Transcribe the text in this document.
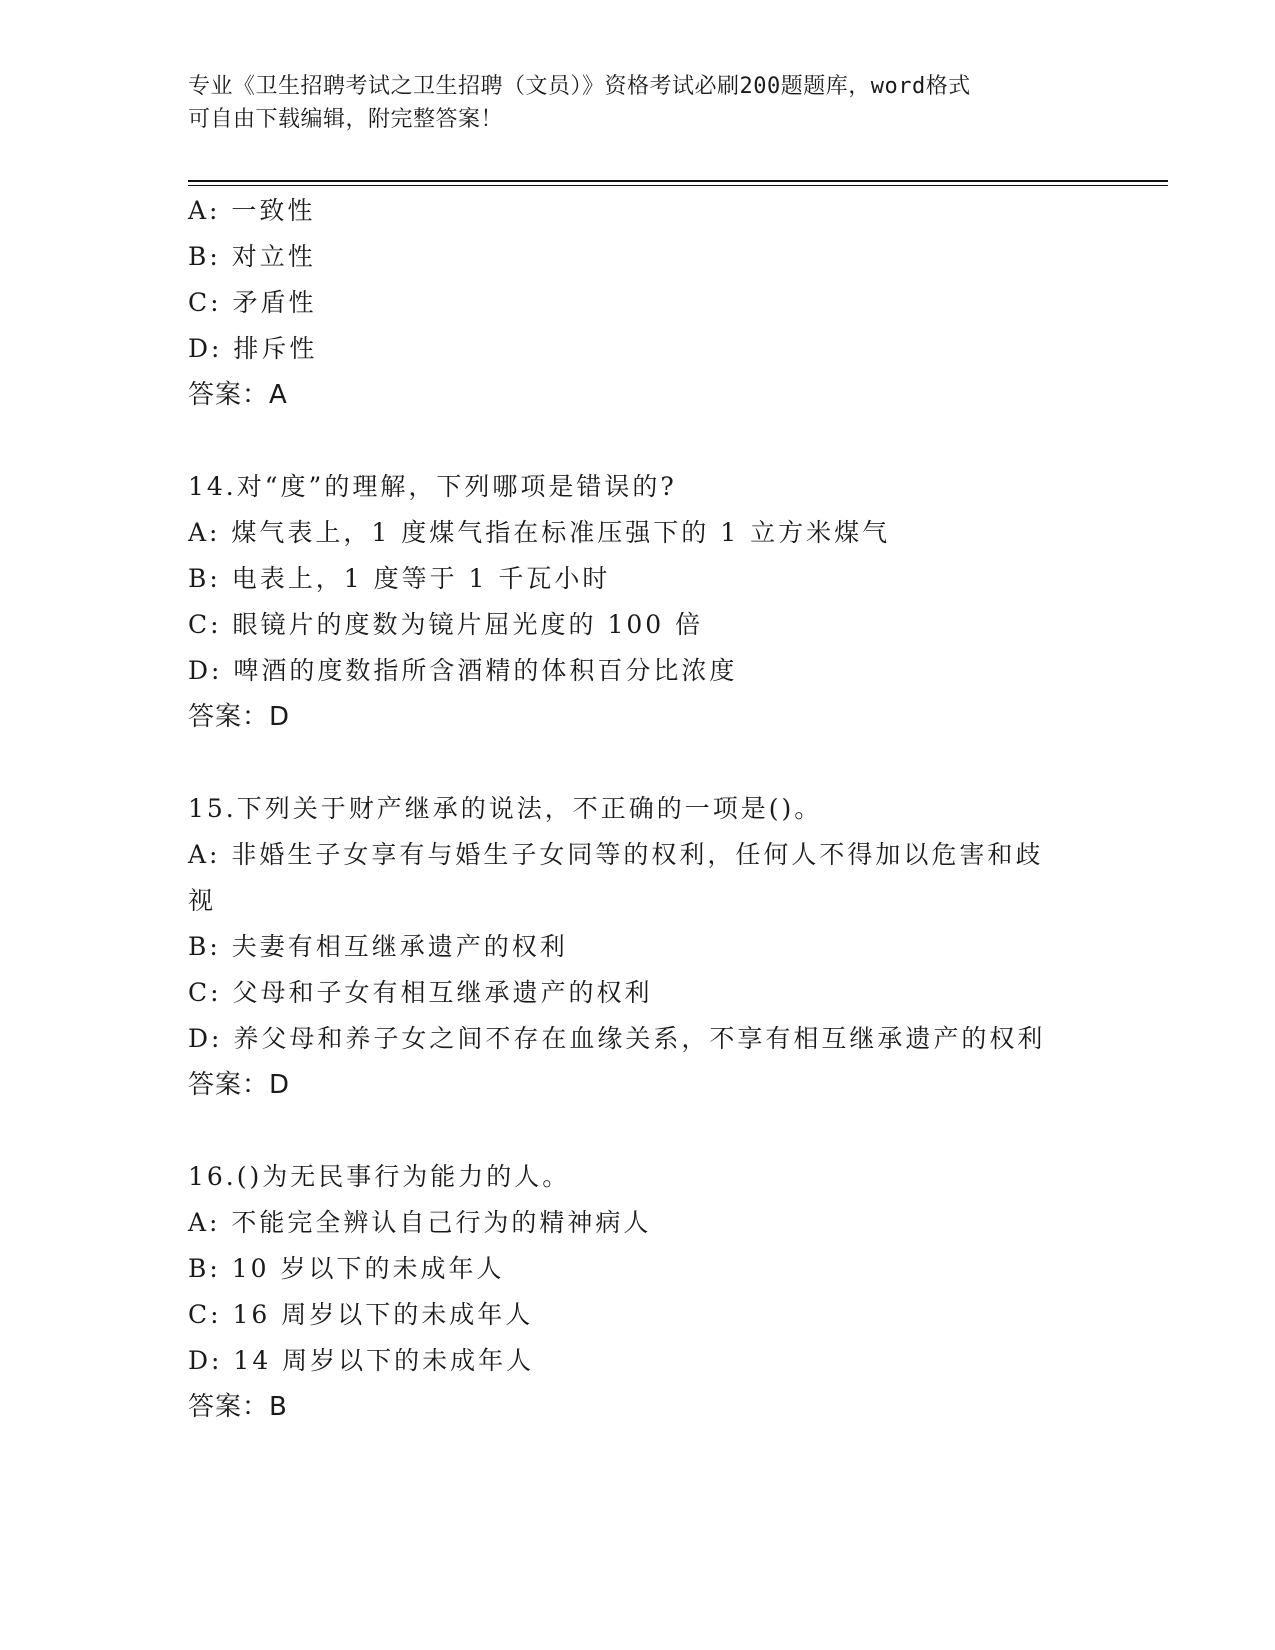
专业《卫生招聘考试之卫生招聘（文员）》资格考试必刷200题题库，word格式
可自由下载编辑，附完整答案！
A: 一致性
B: 对立性
C: 矛盾性
D: 排斥性
答案：A
14.对“度”的理解，下列哪项是错误的?
A: 煤气表上，1 度煤气指在标准压强下的 1 立方米煤气
B: 电表上，1 度等于 1 千瓦小时
C: 眼镜片的度数为镜片屈光度的 100 倍
D: 啤酒的度数指所含酒精的体积百分比浓度
答案：D
15.下列关于财产继承的说法，不正确的一项是()。
A: 非婚生子女享有与婚生子女同等的权利，任何人不得加以危害和歧
视
B: 夫妻有相互继承遗产的权利
C: 父母和子女有相互继承遗产的权利
D: 养父母和养子女之间不存在血缘关系，不享有相互继承遗产的权利
答案：D
16.()为无民事行为能力的人。
A: 不能完全辨认自己行为的精神病人
B: 10 岁以下的未成年人
C: 16 周岁以下的未成年人
D: 14 周岁以下的未成年人
答案：B
